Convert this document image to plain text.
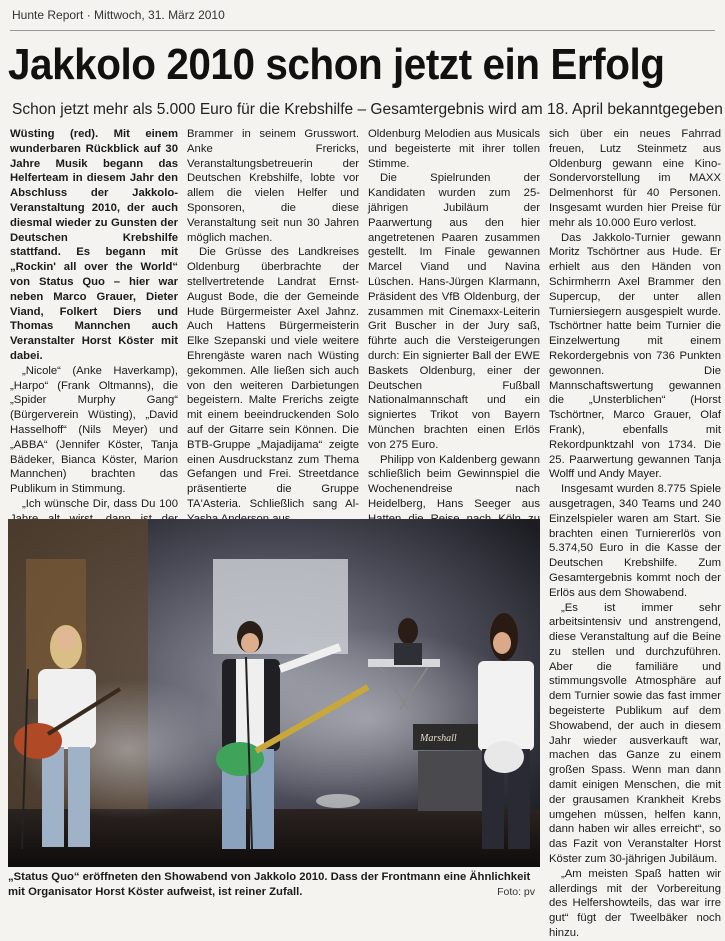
Hunte Report · Mittwoch, 31. März 2010
Jakkolo 2010 schon jetzt ein Erfolg
Schon jetzt mehr als 5.000 Euro für die Krebshilfe – Gesamtergebnis wird am 18. April bekanntgegeben

Wüsting (red). Mit einem wunderbaren Rückblick auf 30 Jahre Musik begann das Helferteam in diesem Jahr den Abschluss der Jakkolo-Veranstaltung 2010, der auch diesmal wieder zu Gunsten der Deutschen Krebshilfe stattfand. Es begann mit „Rockin' all over the World“ von Status Quo – hier war neben Marco Grauer, Dieter Viand, Folkert Diers und Thomas Mannchen auch Veranstalter Horst Köster mit dabei.

„Nicole“ (Anke Haverkamp), „Harpo“ (Frank Oltmanns), die „Spider Murphy Gang“ (Bürgerverein Wüsting), „David Hasselhoff“ (Nils Meyer) und „ABBA“ (Jennifer Köster, Tanja Bädeker, Bianca Köster, Marion Mannchen) brachten das Publikum in Stimmung.

„Ich wünsche Dir, dass Du 100

Brammer in seinem Grusswort. Anke Frericks, Veranstaltungsbetreuerin der Deutschen Krebshilfe, lobte vor allem die vielen Helfer und Sponsoren, die diese Veranstaltung seit nun 30 Jahren möglich machen.

Die Grüsse des Landkreises Oldenburg überbrachte der stellvertretende Landrat Ernst-August Bode, die der Gemeinde Hude Bürgermeister Axel Jahnz. Auch Hattens Bürgermeisterin Elke Szepanski und viele weitere Ehrengäste waren nach Wüsting gekommen. Alle ließen sich auch von den weiteren Darbietungen begeistern. Malte Frerichs zeigte mit einem beeindruckenden Solo auf der Gitarre sein Können. Die BTB-Gruppe „Majadijama“ zeigte einen Ausdruckstanz zum Thema Gefangen und Frei. Streetdance präsentierte die Gruppe TA'Asteria. Schließlich sang Al-

Oldenburg Melodien aus Musicals und begeisterte mit ihrer tollen Stimme.

Die Spielrunden der Kandidaten wurden zum 25-jährigen Jubiläum der Paarwertung aus den hier angetretenen Paaren zusammen gestellt. Im Finale gewannen Marcel Viand und Navina Lüschen. Hans-Jürgen Klarmann, Präsident des VfB Oldenburg, der zusammen mit Cinemaxx-Leiterin Grit Buscher in der Jury saß, führte auch die Versteigerungen durch: Ein signierter Ball der EWE Baskets Oldenburg, einer der Deutschen Fußball Nationalmannschaft und ein signiertes Trikot von Bayern München brachten einen Erlös von 275 Euro.

Philipp von Kaldenberg gewann schließlich beim Gewinnspiel die Wochenendreise nach Heidelberg, Hans Seeger aus

sich über ein neues Fahrrad freuen, Lutz Steinmetz aus Oldenburg gewann eine Kino-Sondervorstellung im MAXX Delmenhorst für 40 Personen. Insgesamt wurden hier Preise für mehr als 10.000 Euro verlost.

Das Jakkolo-Turnier gewann Moritz Tschörtner aus Hude. Er erhielt aus den Händen von Schirmherrn Axel Brammer den Supercup, der unter allen Turniersiegern ausgespielt wurde. Tschörtner hatte beim Turnier die Einzelwertung mit einem Rekordergebnis von 736 Punkten gewonnen. Die Mannschaftswertung gewannen die „Unsterblichen“ (Horst Tschörtner, Marco Grauer, Olaf Frank), ebenfalls mit Rekordpunktzahl von 1734. Die 25. Paarwertung gewannen Tanja Wolff und Andy Mayer.

Insgesamt wurden 8.775 Spiele ausgetragen, 340 Teams und 240 Einzelspieler waren am Start. Sie brachten einen Turniererlös von 5.374,50 Euro in die Kasse der Deutschen Krebshilfe. Zum Gesamtergebnis kommt noch der Erlös aus dem Showabend.

„Es ist immer sehr arbeitsintensiv und anstrengend, diese Veranstaltung auf die Beine zu stellen und durchzuführen. Aber die familiäre und stimmungsvolle Atmosphäre auf dem Turnier sowie das fast immer begeisterte Publikum auf dem Showabend, der auch in diesem Jahr wieder ausverkauft war, machen das Ganze zu einem großen Spass. Wenn man dann damit einigen Menschen, die mit der grausamen Krankheit Krebs umgehen müssen, helfen kann, dann haben wir alles erreicht“, so das Fazit von Veranstalter Horst Köster zum 30-jährigen Jubiläum.

„Am meisten Spaß hatten wir allerdings mit der Vorbereitung des Helfershowteils, das war irre gut“ fügt der Tweelbäker noch hinzu.

Marshall
„Status Quo“ eröffneten den Showabend von Jakkolo 2010. Dass der Frontmann eine Ähnlichkeit mit Organisator Horst Köster aufweist, ist reiner Zufall.	Foto: pv
